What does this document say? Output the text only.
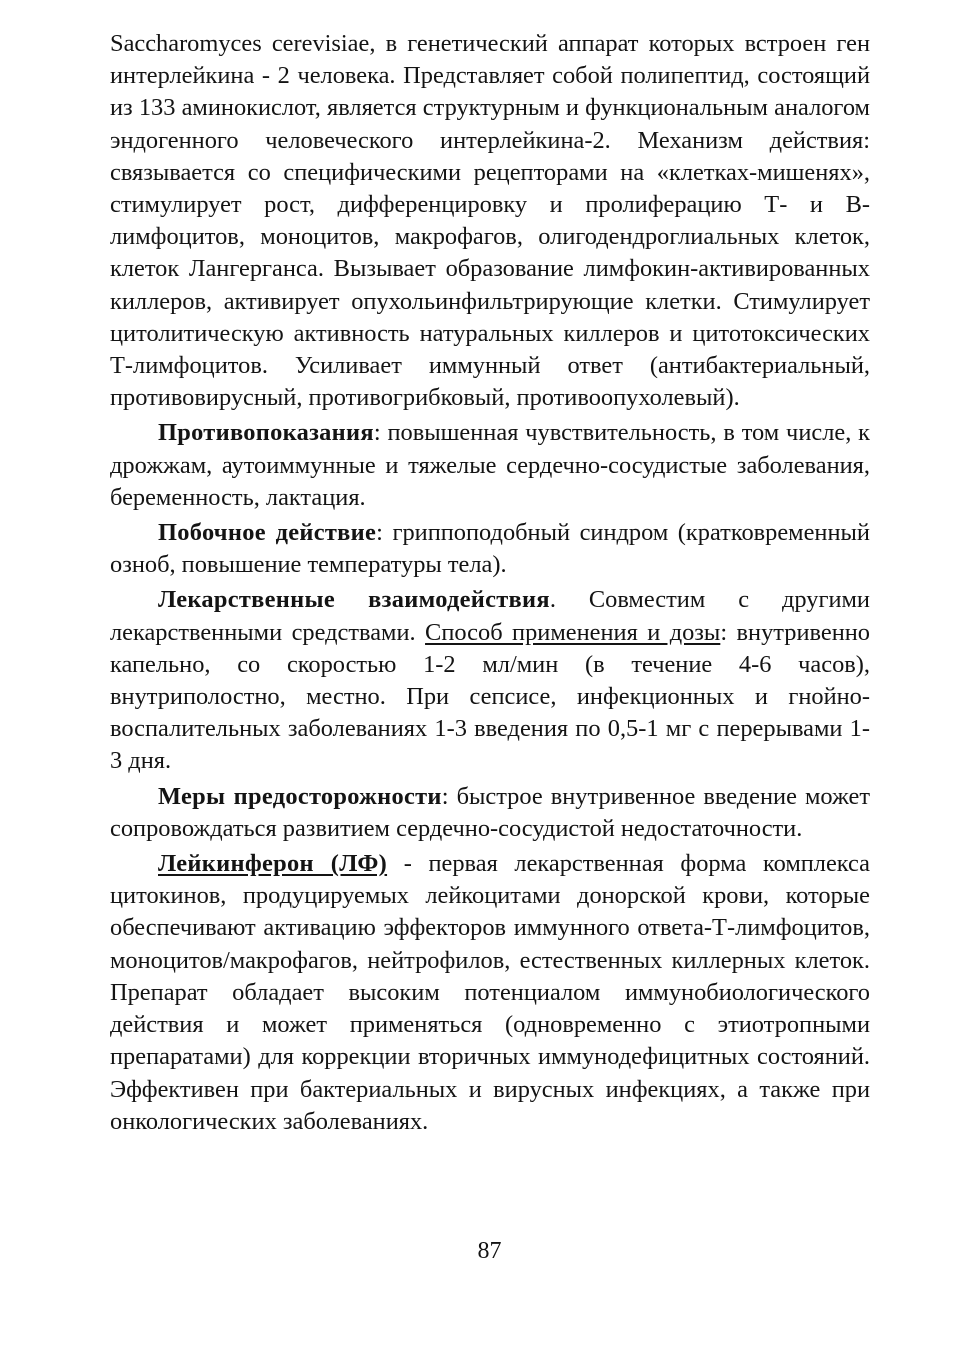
Saccharomyces cerevisiae, в генетический аппарат которых встроен ген интерлейкина - 2 человека. Представляет собой полипептид, состоящий из 133 аминокислот, является структурным и функциональным аналогом эндогенного человеческого интерлейкина-2. Механизм действия: связывается со специфическими рецепторами на «клетках-мишенях», стимулирует рост, дифференцировку и пролиферацию Т- и В-лимфоцитов, моноцитов, макрофагов, олигодендроглиальных клеток, клеток Лангерганса. Вызывает образование лимфокин-активированных киллеров, активирует опухольинфильтрирующие клетки. Стимулирует цитолитическую активность натуральных киллеров и цитотоксических Т-лимфоцитов. Усиливает иммунный ответ (антибактериальный, противовирусный, противогрибковый, противоопухолевый).

Противопоказания: повышенная чувствительность, в том числе, к дрожжам, аутоиммунные и тяжелые сердечно-сосудистые заболевания, беременность, лактация.

Побочное действие: гриппоподобный синдром (кратковременный озноб, повышение температуры тела).

Лекарственные взаимодействия. Совместим с другими лекарственными средствами. Способ применения и дозы: внутривенно капельно, со скоростью 1-2 мл/мин (в течение 4-6 часов), внутриполостно, местно. При сепсисе, инфекционных и гнойно-воспалительных заболеваниях 1-3 введения по 0,5-1 мг с перерывами 1-3 дня.

Меры предосторожности: быстрое внутривенное введение может сопровождаться развитием сердечно-сосудистой недостаточности.

Лейкинферон (ЛФ) - первая лекарственная форма комплекса цитокинов, продуцируемых лейкоцитами донорской крови, которые обеспечивают активацию эффекторов иммунного ответа-Т-лимфоцитов, моноцитов/макрофагов, нейтрофилов, естественных киллерных клеток. Препарат обладает высоким потенциалом иммунобиологического действия и может применяться (одновременно с этиотропными препаратами) для коррекции вторичных иммунодефицитных состояний. Эффективен при бактериальных и вирусных инфекциях, а также при онкологических заболеваниях.

87
